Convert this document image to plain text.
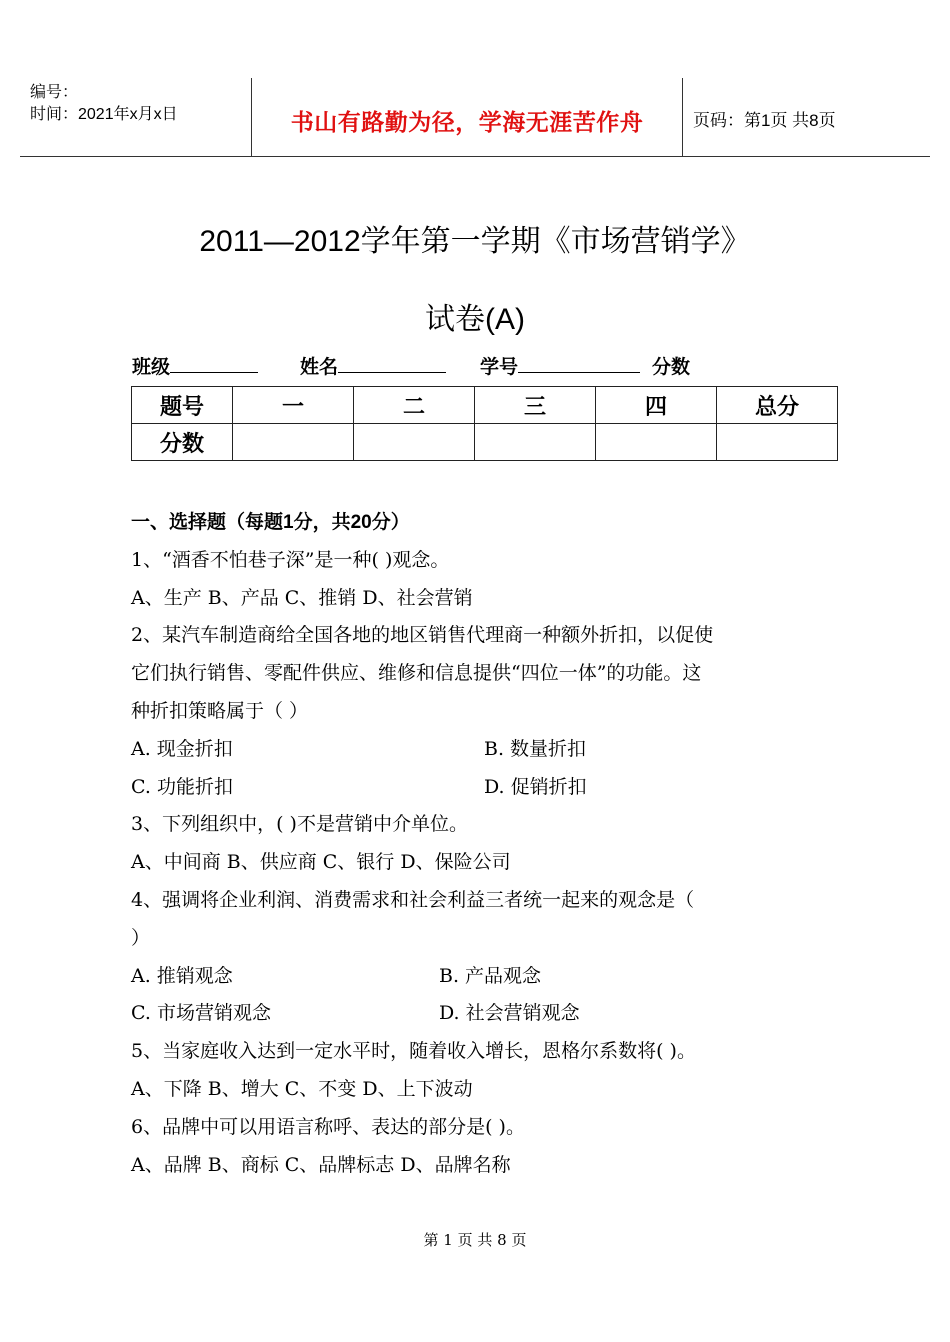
编号：
时间：2021年x月x日	书山有路勤为径，学海无涯苦作舟	页码：第1页 共8页
2011—2012学年第一学期《市场营销学》
试卷(A)
班级	姓名	学号	分数
题号	一	二	三	四	总分
分数					
一、选择题（每题1分，共20分）
1、“酒香不怕巷子深”是一种( )观念。
A、生产 B、产品 C、推销 D、社会营销
2、某汽车制造商给全国各地的地区销售代理商一种额外折扣，以促使
它们执行销售、零配件供应、维修和信息提供“四位一体”的功能。这
种折扣策略属于（ ）
A. 现金折扣	B. 数量折扣
C. 功能折扣	D. 促销折扣
3、下列组织中，( )不是营销中介单位。
A、中间商 B、供应商 C、银行 D、保险公司
4、强调将企业利润、消费需求和社会利益三者统一起来的观念是（
）
A. 推销观念	B. 产品观念
C. 市场营销观念	D. 社会营销观念
5、当家庭收入达到一定水平时，随着收入增长，恩格尔系数将( )。
A、下降 B、增大 C、不变 D、上下波动
6、品牌中可以用语言称呼、表达的部分是( )。
A、品牌 B、商标 C、品牌标志 D、品牌名称
第 1 页 共 8 页
